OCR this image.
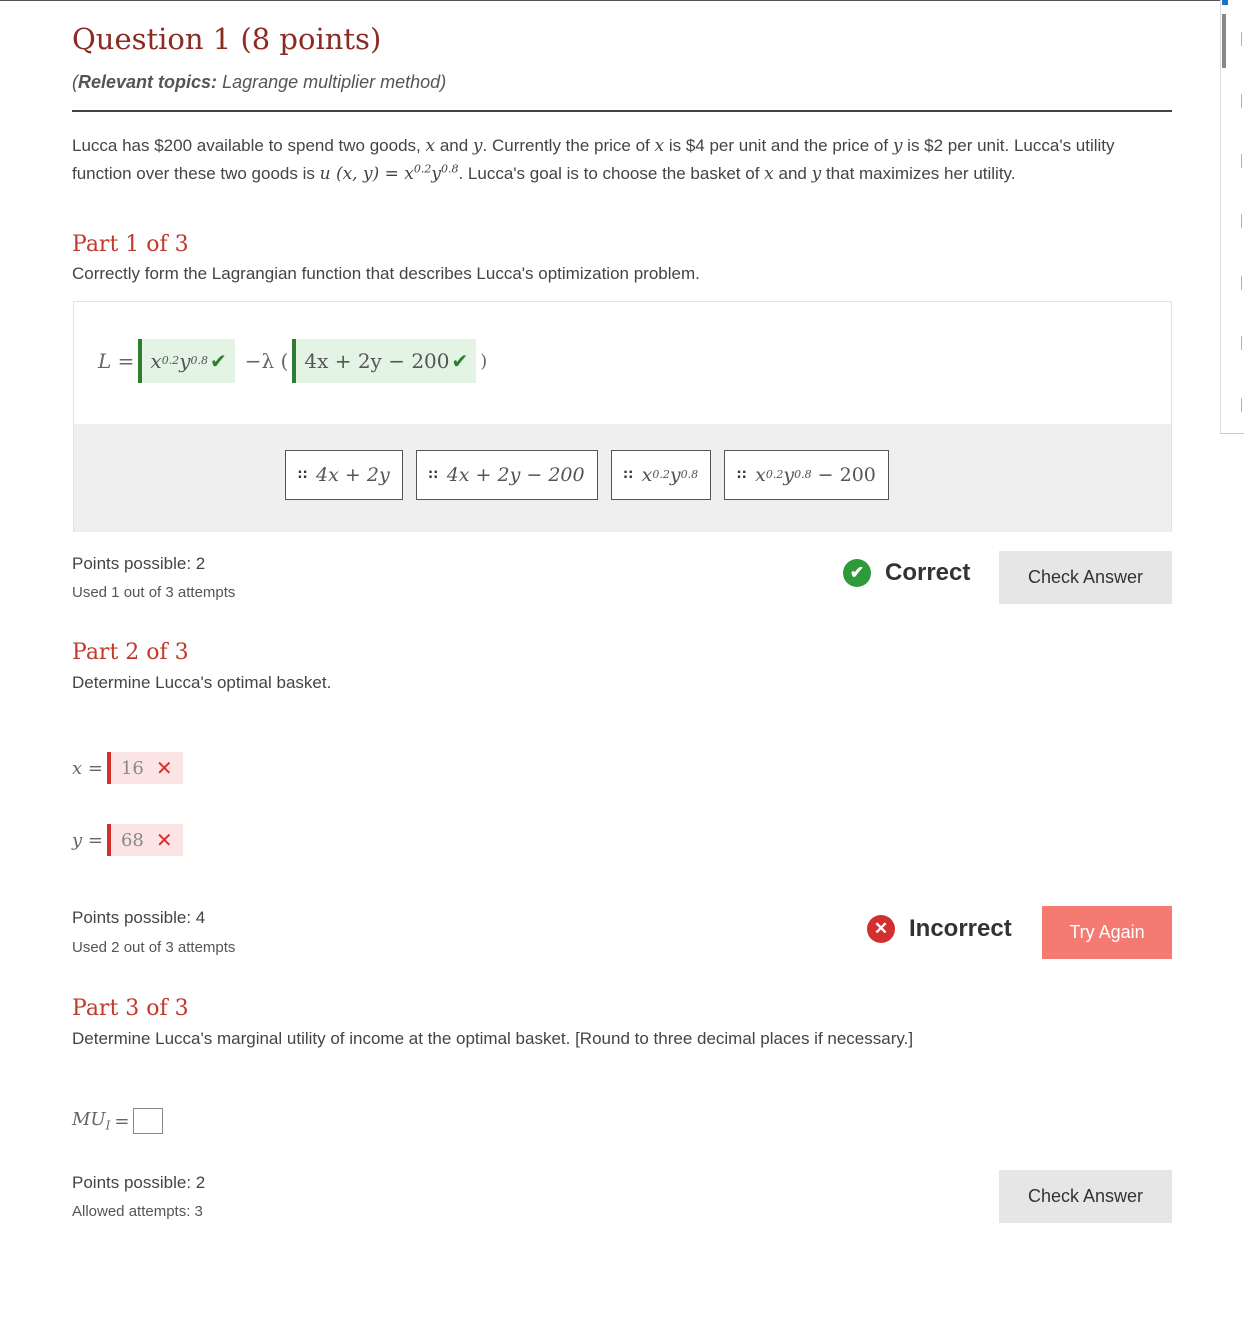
Question 1 (8 points)
(Relevant topics: Lagrange multiplier method)
Lucca has $200 available to spend two goods, x and y. Currently the price of x is $4 per unit and the price of y is $2 per unit. Lucca's utility function over these two goods is u (x, $y) = x^{0.2}y^{0.8}$. Lucca's goal is to choose the basket of x and y that maximizes her utility.
Part 1 of 3
Correctly form the Lagrangian function that describes Lucca's optimization problem.
L = x 0.2 y 0.8 ✔ −λ ( 4x + 2y − 200 ✔ )
∷ 4x + 2y	∷ 4x + 2y − 200	∷ x 0.2 y 0.8	∷ x 0.2 y 0.8 − 200
Points possible: 2
Used 1 out of 3 attempts
✔ Correct	Check Answer
Part 2 of 3
Determine Lucca's optimal basket.
x = 16 ✕
y = 68 ✕
Points possible: 4
Used 2 out of 3 attempts
✕ Incorrect	Try Again
Part 3 of 3
Determine Lucca's marginal utility of income at the optimal basket. [Round to three decimal places if necessary.]
$MU_I$ =
Points possible: 2
Allowed attempts: 3
Check Answer
